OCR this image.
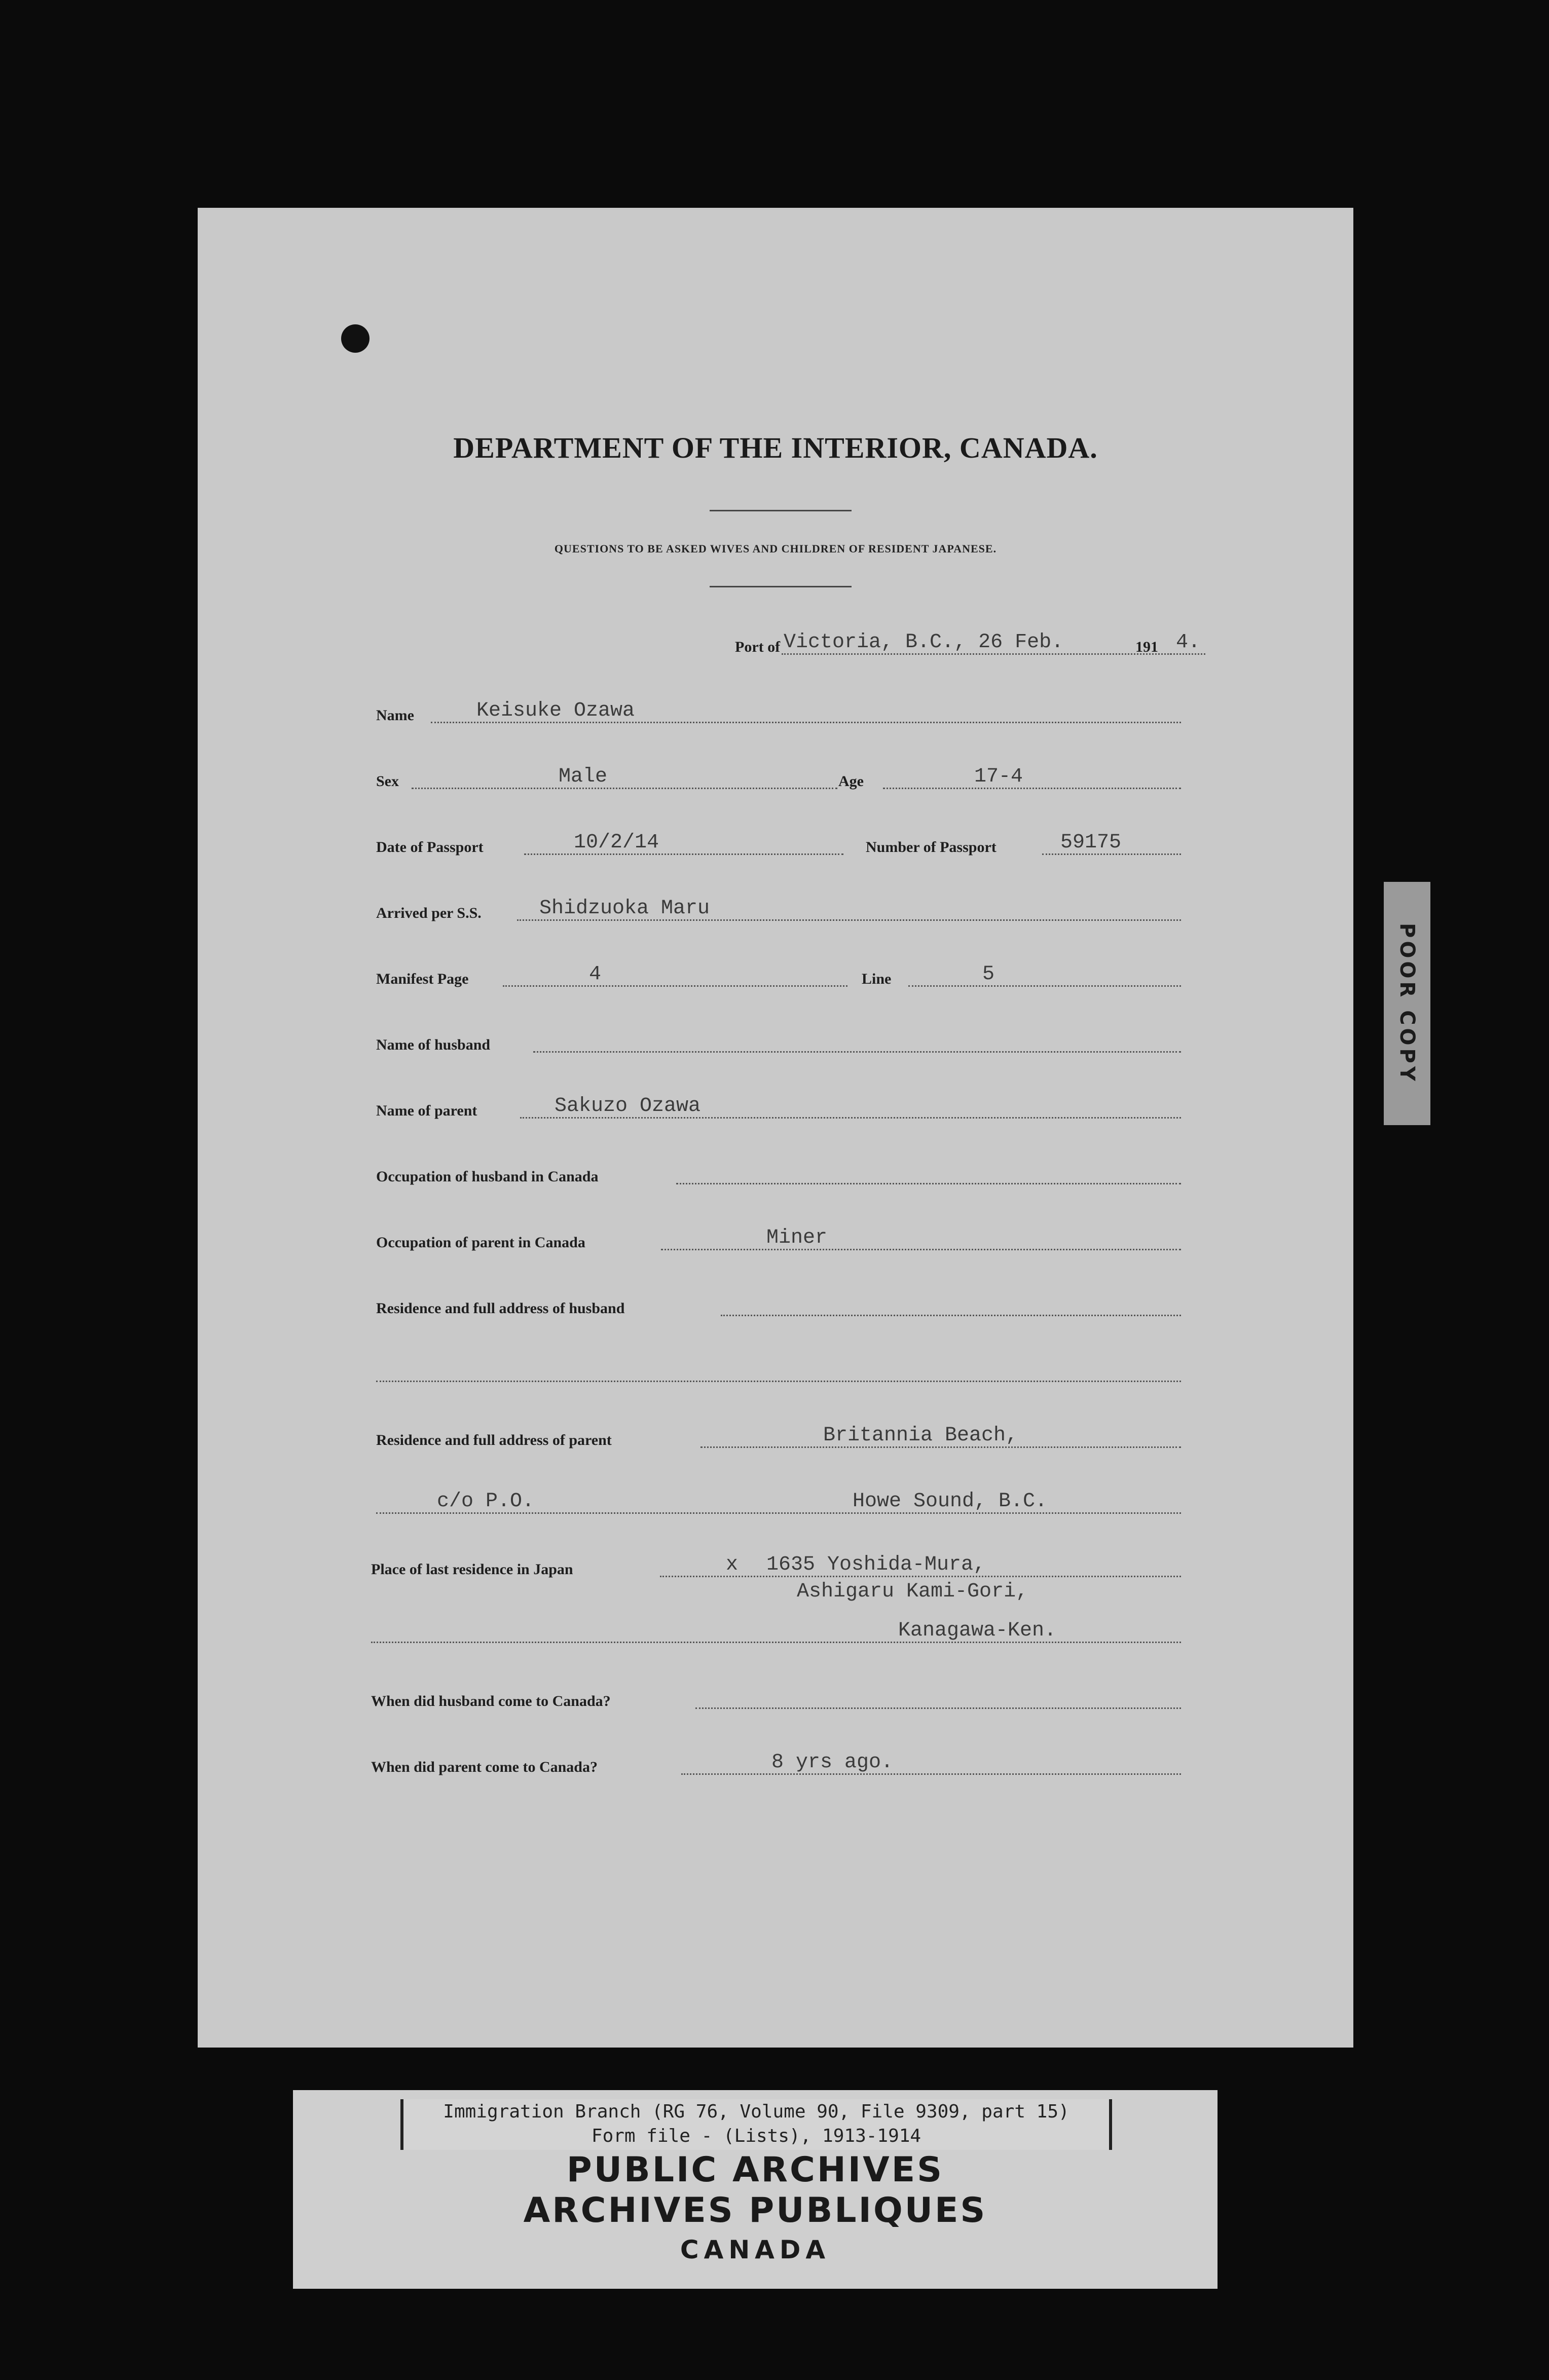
DEPARTMENT OF THE INTERIOR, CANADA.
QUESTIONS TO BE ASKED WIVES AND CHILDREN OF RESIDENT JAPANESE.
Port of Victoria, B.C., 26 Feb.	191 4.
Name	Keisuke Ozawa
Sex	Male	Age	17-4
Date of Passport	10/2/14	Number of Passport	59175
Arrived per S.S.	Shidzuoka Maru
Manifest Page	4	Line	5
Name of husband
Name of parent	Sakuzo Ozawa
Occupation of husband in Canada
Occupation of parent in Canada	Miner
Residence and full address of husband
Residence and full address of parent	Britannia Beach,
c/o P.O.	Howe Sound, B.C.
Place of last residence in Japan	x 1635 Yoshida-Mura,
Ashigaru Kami-Gori,
Kanagawa-Ken.
When did husband come to Canada?
When did parent come to Canada?	8 yrs ago.
POOR COPY
Immigration Branch (RG 76, Volume 90, File 9309, part 15)
Form file - (Lists), 1913-1914
PUBLIC ARCHIVES
ARCHIVES PUBLIQUES
CANADA
